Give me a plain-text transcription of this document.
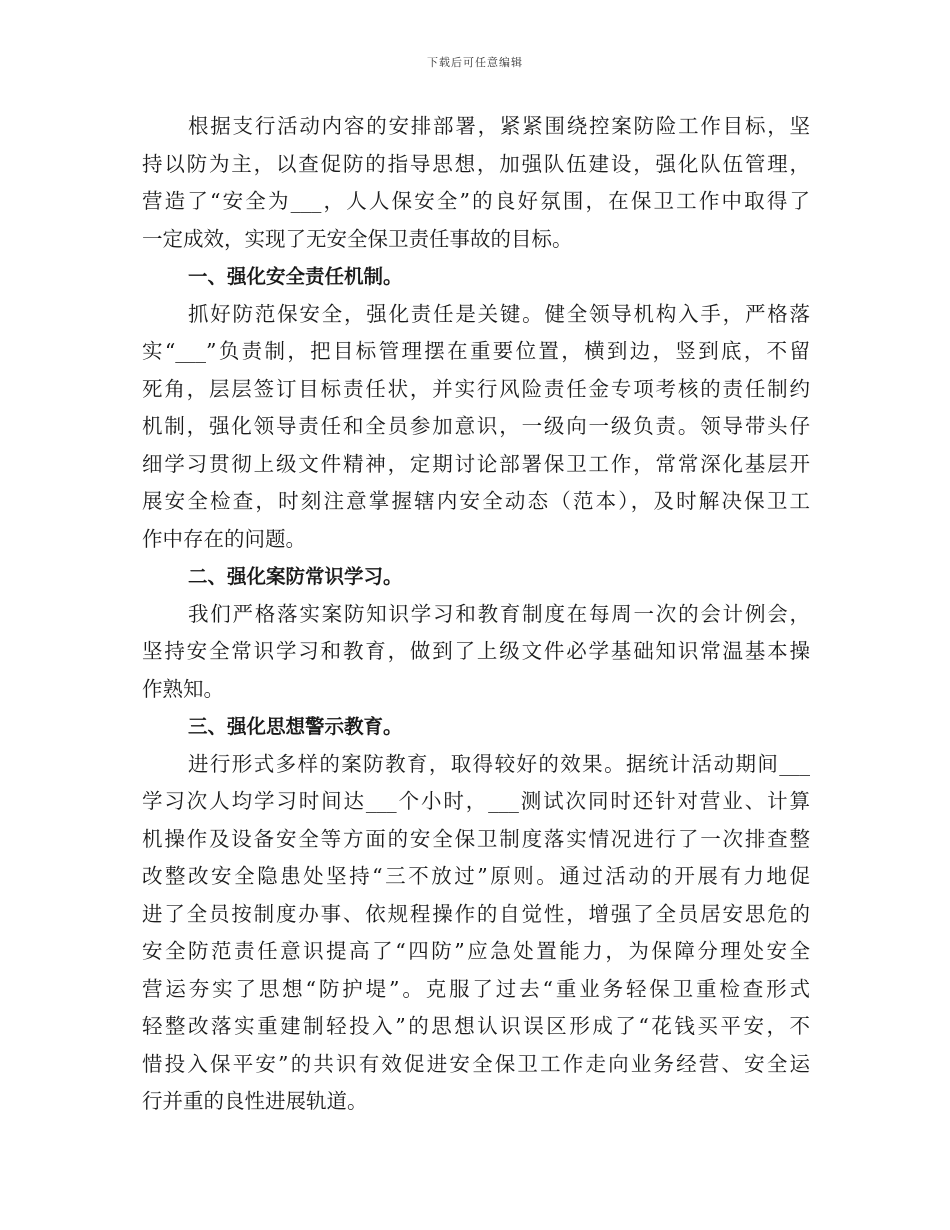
下载后可任意编辑
根据支行活动内容的安排部署，紧紧围绕控案防险工作目标，坚
持以防为主，以查促防的指导思想，加强队伍建设，强化队伍管理，
营造了“安全为___，人人保安全”的良好氛围，在保卫工作中取得了
一定成效，实现了无安全保卫责任事故的目标。
一、强化安全责任机制。
抓好防范保安全，强化责任是关键。健全领导机构入手，严格落
实“___”负责制，把目标管理摆在重要位置，横到边，竖到底，不留
死角，层层签订目标责任状，并实行风险责任金专项考核的责任制约
机制，强化领导责任和全员参加意识，一级向一级负责。领导带头仔
细学习贯彻上级文件精神，定期讨论部署保卫工作，常常深化基层开
展安全检查，时刻注意掌握辖内安全动态（范本），及时解决保卫工
作中存在的问题。
二、强化案防常识学习。
我们严格落实案防知识学习和教育制度在每周一次的会计例会，
坚持安全常识学习和教育，做到了上级文件必学基础知识常温基本操
作熟知。
三、强化思想警示教育。
进行形式多样的案防教育，取得较好的效果。据统计活动期间___
学习次人均学习时间达___个小时，___测试次同时还针对营业、计算
机操作及设备安全等方面的安全保卫制度落实情况进行了一次排查整
改整改安全隐患处坚持“三不放过”原则。通过活动的开展有力地促
进了全员按制度办事、依规程操作的自觉性，增强了全员居安思危的
安全防范责任意识提高了“四防”应急处置能力，为保障分理处安全
营运夯实了思想“防护堤”。克服了过去“重业务轻保卫重检查形式
轻整改落实重建制轻投入”的思想认识误区形成了“花钱买平安，不
惜投入保平安”的共识有效促进安全保卫工作走向业务经营、安全运
行并重的良性进展轨道。
